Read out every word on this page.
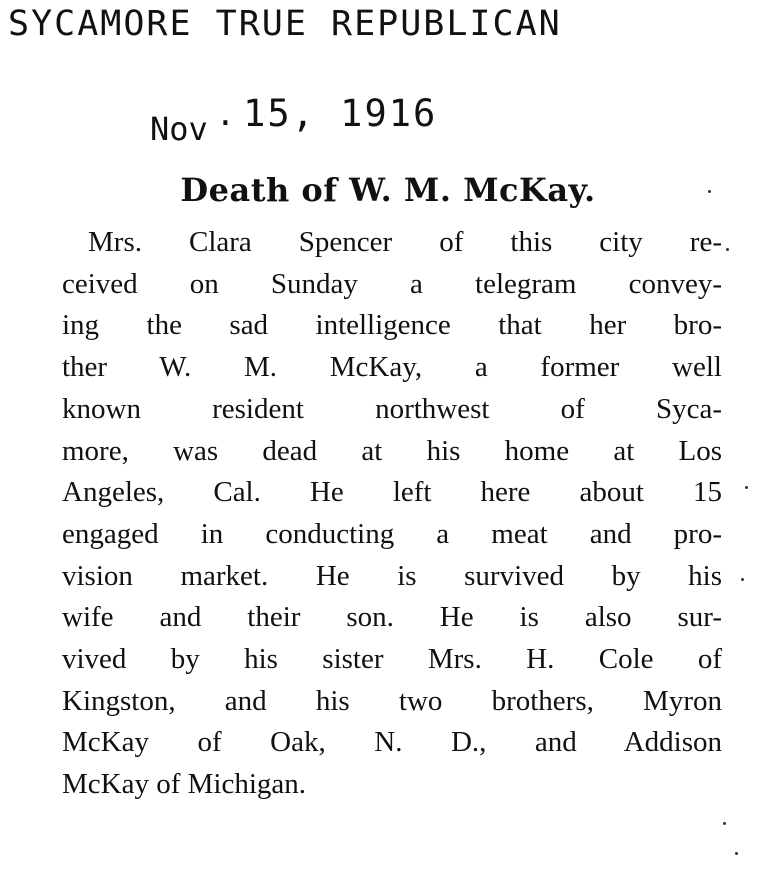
SYCAMORE TRUE REPUBLICAN
Nov · 15, 1916
Death of W. M. McKay.
Mrs. Clara Spencer of this city re-
ceived on Sunday a telegram convey-
ing the sad intelligence that her bro-
ther W. M. McKay, a former well
known resident northwest of Syca-
more, was dead at his home at Los
Angeles, Cal. He left here about 15
engaged in conducting a meat and pro-
vision market. He is survived by his
wife and their son. He is also sur-
vived by his sister Mrs. H. Cole of
Kingston, and his two brothers, Myron
McKay of Oak, N. D., and Addison
McKay of Michigan.
